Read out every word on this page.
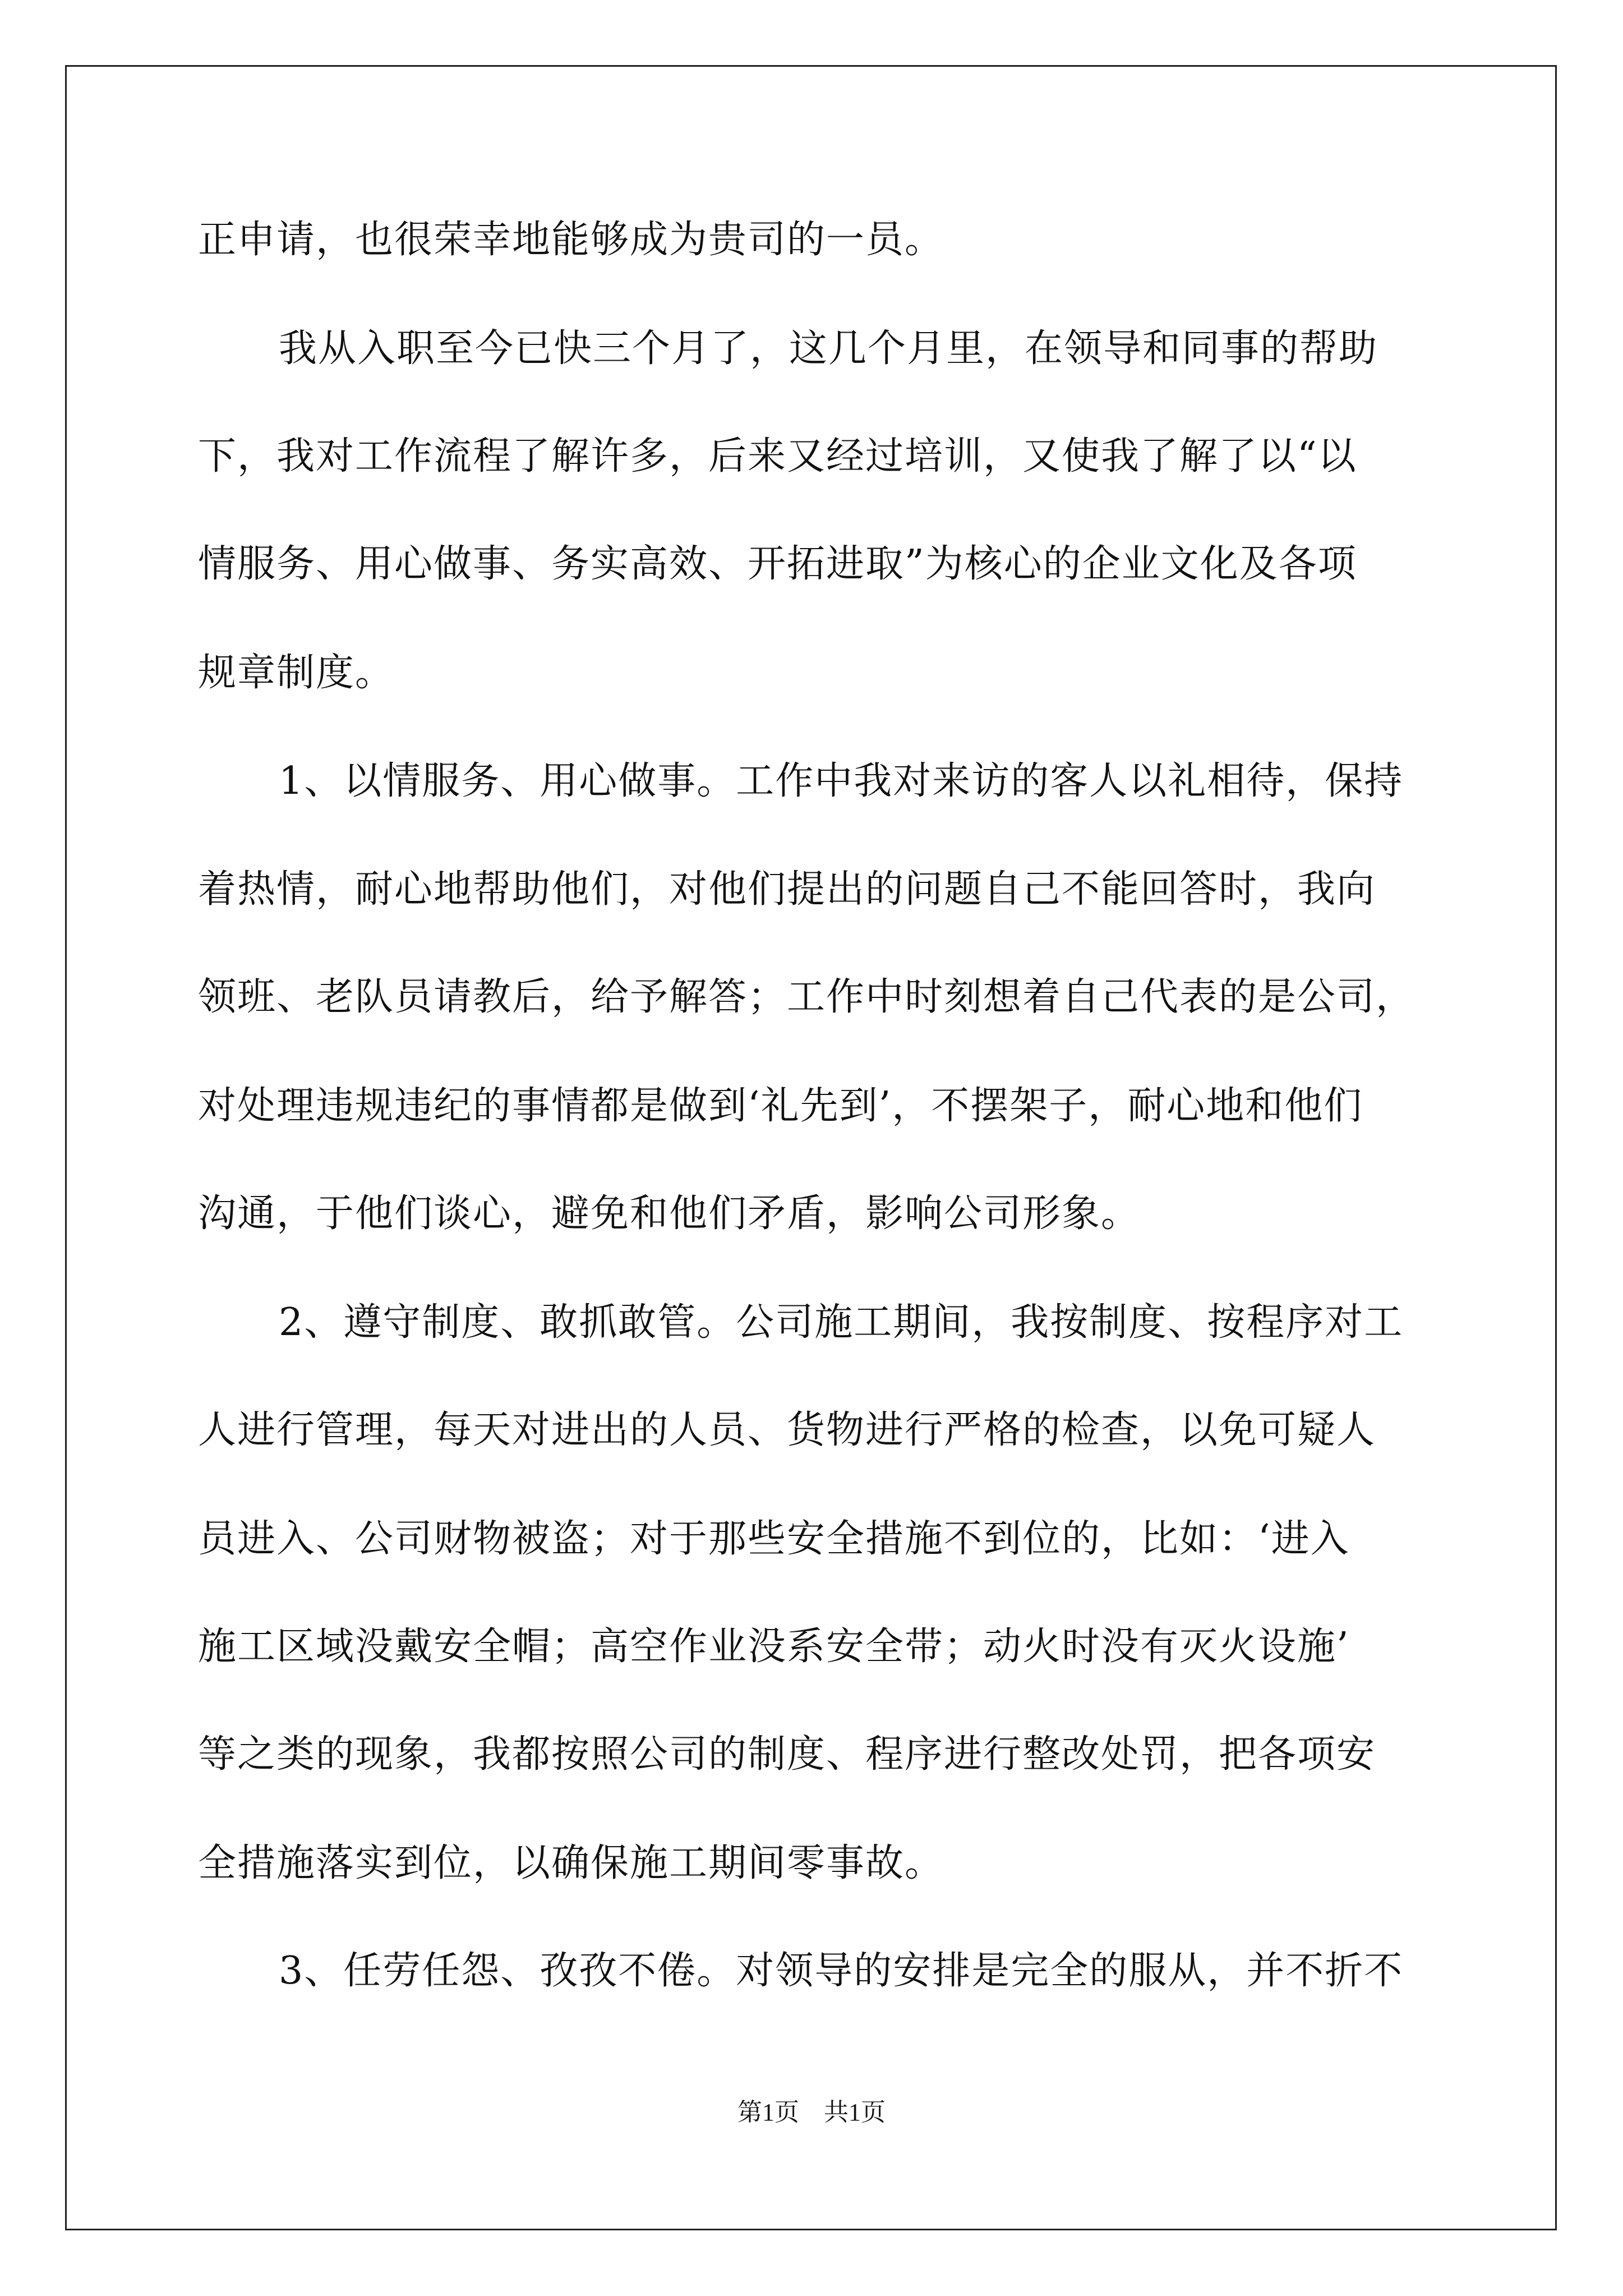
正申请，也很荣幸地能够成为贵司的一员。
我从入职至今已快三个月了，这几个月里，在领导和同事的帮助
下，我对工作流程了解许多，后来又经过培训，又使我了解了以“以
情服务、用心做事、务实高效、开拓进取”为核心的企业文化及各项
规章制度。
1、以情服务、用心做事。工作中我对来访的客人以礼相待，保持
着热情，耐心地帮助他们，对他们提出的问题自己不能回答时，我向
领班、老队员请教后，给予解答；工作中时刻想着自己代表的是公司，
对处理违规违纪的事情都是做到‘礼先到’，不摆架子，耐心地和他们
沟通，于他们谈心，避免和他们矛盾，影响公司形象。
2、遵守制度、敢抓敢管。公司施工期间，我按制度、按程序对工
人进行管理，每天对进出的人员、货物进行严格的检查，以免可疑人
员进入、公司财物被盗；对于那些安全措施不到位的，比如：‘进入
施工区域没戴安全帽；高空作业没系安全带；动火时没有灭火设施’
等之类的现象，我都按照公司的制度、程序进行整改处罚，把各项安
全措施落实到位，以确保施工期间零事故。
3、任劳任怨、孜孜不倦。对领导的安排是完全的服从，并不折不
第1页　共1页
